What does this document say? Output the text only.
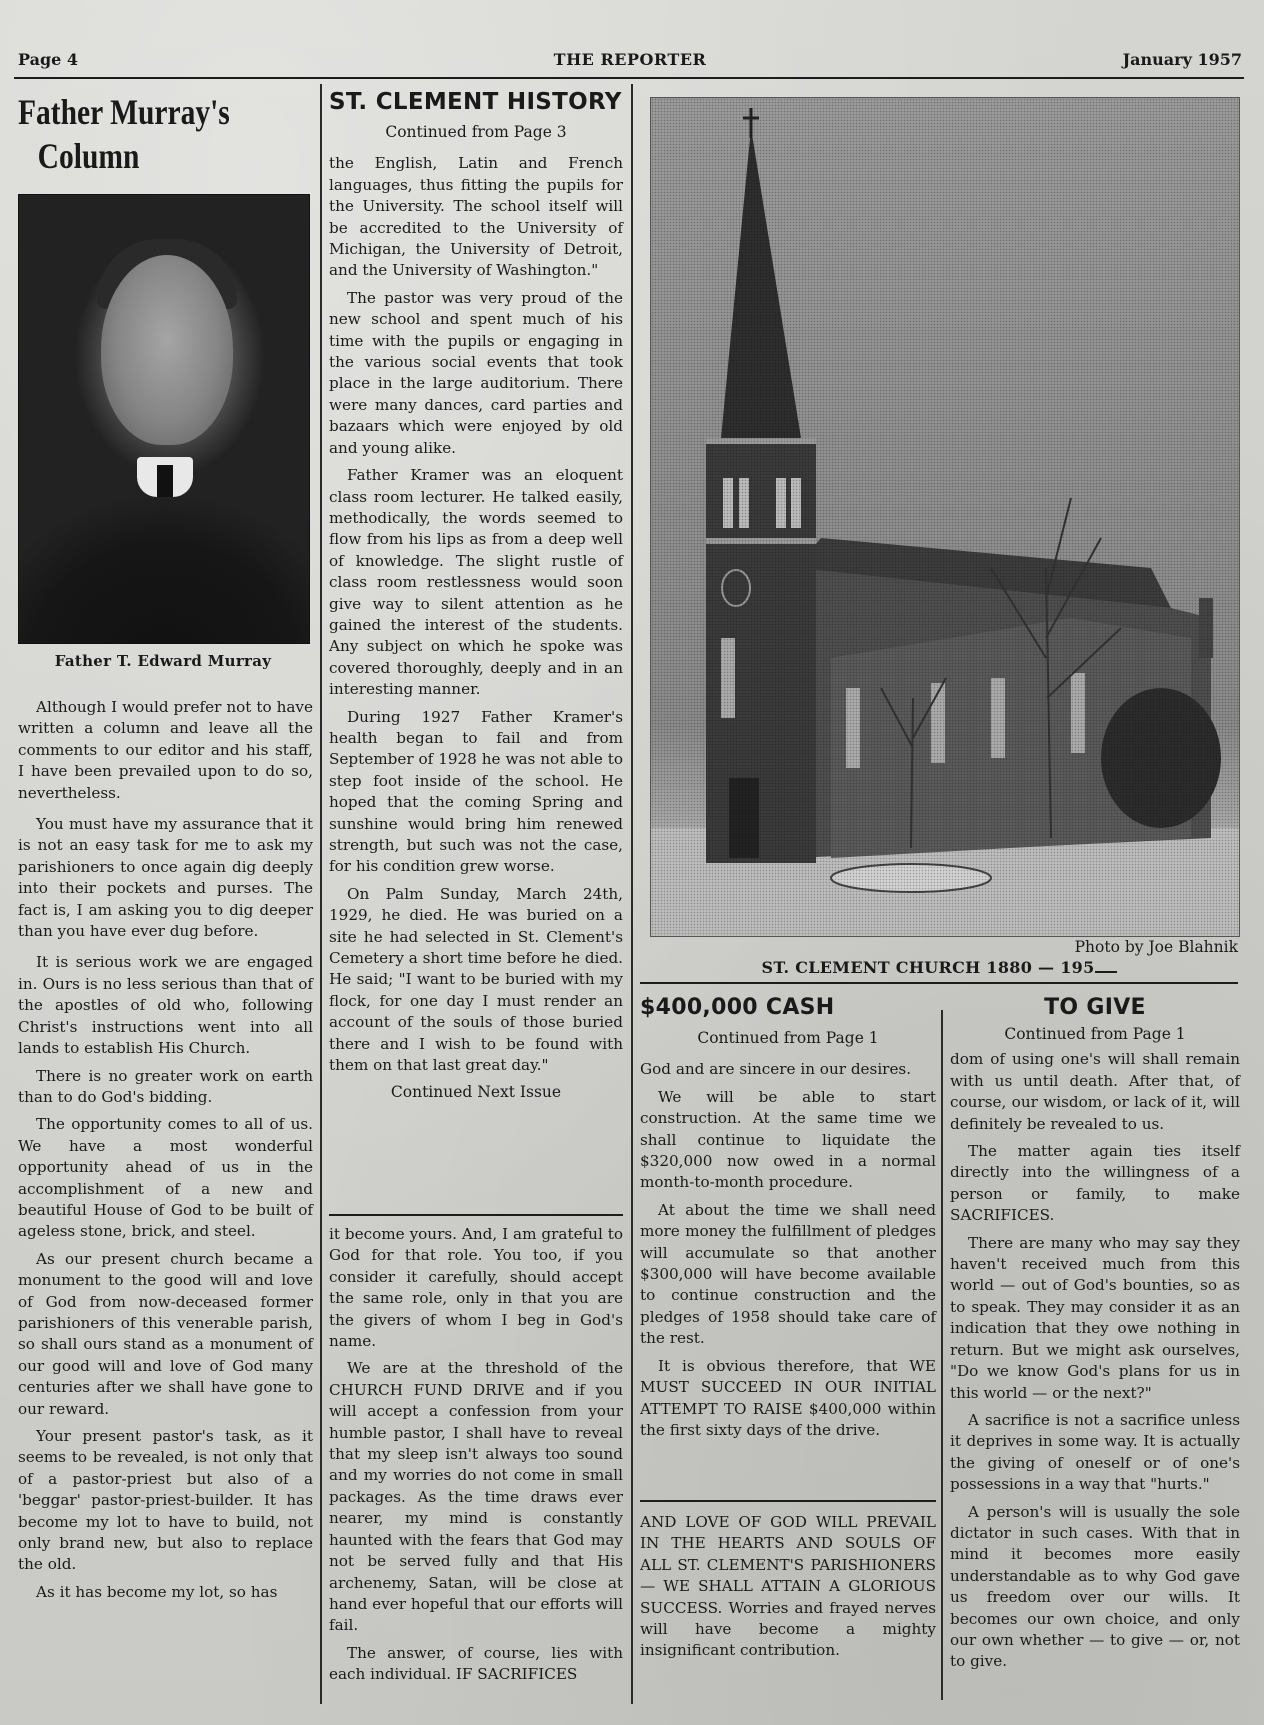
Page 4	THE REPORTER	January 1957
Father Murray's
Column
Father T. Edward Murray

Although I would prefer not to have written a column and leave all the comments to our editor and his staff, I have been prevailed upon to do so, nevertheless.

You must have my assurance that it is not an easy task for me to ask my parishioners to once again dig deeply into their pockets and purses. The fact is, I am asking you to dig deeper than you have ever dug before.

It is serious work we are engaged in. Ours is no less serious than that of the apostles of old who, following Christ's instructions went into all lands to establish His Church.

There is no greater work on earth than to do God's bidding.

The opportunity comes to all of us. We have a most wonderful opportunity ahead of us in the accomplishment of a new and beautiful House of God to be built of ageless stone, brick, and steel.

As our present church became a monument to the good will and love of God from now-deceased former parishioners of this venerable parish, so shall ours stand as a monument of our good will and love of God many centuries after we shall have gone to our reward.

Your present pastor's task, as it seems to be revealed, is not only that of a pastor-priest but also of a 'beggar' pastor-priest-builder. It has become my lot to have to build, not only brand new, but also to replace the old.

As it has become my lot, so has

ST. CLEMENT HISTORY
Continued from Page 3

the English, Latin and French languages, thus fitting the pupils for the University. The school itself will be accredited to the University of Michigan, the University of Detroit, and the University of Washington."

The pastor was very proud of the new school and spent much of his time with the pupils or engaging in the various social events that took place in the large auditorium. There were many dances, card parties and bazaars which were enjoyed by old and young alike.

Father Kramer was an eloquent class room lecturer. He talked easily, methodically, the words seemed to flow from his lips as from a deep well of knowledge. The slight rustle of class room restlessness would soon give way to silent attention as he gained the interest of the students. Any subject on which he spoke was covered thoroughly, deeply and in an interesting manner.

During 1927 Father Kramer's health began to fail and from September of 1928 he was not able to step foot inside of the school. He hoped that the coming Spring and sunshine would bring him renewed strength, but such was not the case, for his condition grew worse.

On Palm Sunday, March 24th, 1929, he died. He was buried on a site he had selected in St. Clement's Cemetery a short time before he died. He said; "I want to be buried with my flock, for one day I must render an account of the souls of those buried there and I wish to be found with them on that last great day."

Continued Next Issue

it become yours. And, I am grateful to God for that role. You too, if you consider it carefully, should accept the same role, only in that you are the givers of whom I beg in God's name.

We are at the threshold of the CHURCH FUND DRIVE and if you will accept a confession from your humble pastor, I shall have to reveal that my sleep isn't always too sound and my worries do not come in small packages. As the time draws ever nearer, my mind is constantly haunted with the fears that God may not be served fully and that His archenemy, Satan, will be close at hand ever hopeful that our efforts will fail.

The answer, of course, lies with each individual. IF SACRIFICES

Photo by Joe Blahnik
ST. CLEMENT CHURCH 1880 — 195
$400,000 CASH
Continued from Page 1

God and are sincere in our desires.

We will be able to start construction. At the same time we shall continue to liquidate the $320,000 now owed in a normal month-to-month procedure.

At about the time we shall need more money the fulfillment of pledges will accumulate so that another $300,000 will have become available to continue construction and the pledges of 1958 should take care of the rest.

It is obvious therefore, that WE MUST SUCCEED IN OUR INITIAL ATTEMPT TO RAISE $400,000 within the first sixty days of the drive.

AND LOVE OF GOD WILL PREVAIL IN THE HEARTS AND SOULS OF ALL ST. CLEMENT'S PARISHIONERS — WE SHALL ATTAIN A GLORIOUS SUCCESS. Worries and frayed nerves will have become a mighty insignificant contribution.

TO GIVE
Continued from Page 1

dom of using one's will shall remain with us until death. After that, of course, our wisdom, or lack of it, will definitely be revealed to us.

The matter again ties itself directly into the willingness of a person or family, to make SACRIFICES.

There are many who may say they haven't received much from this world — out of God's bounties, so as to speak. They may consider it as an indication that they owe nothing in return. But we might ask ourselves, "Do we know God's plans for us in this world — or the next?"

A sacrifice is not a sacrifice unless it deprives in some way. It is actually the giving of oneself or of one's possessions in a way that "hurts."

A person's will is usually the sole dictator in such cases. With that in mind it becomes more easily understandable as to why God gave us freedom over our wills. It becomes our own choice, and only our own whether — to give — or, not to give.
